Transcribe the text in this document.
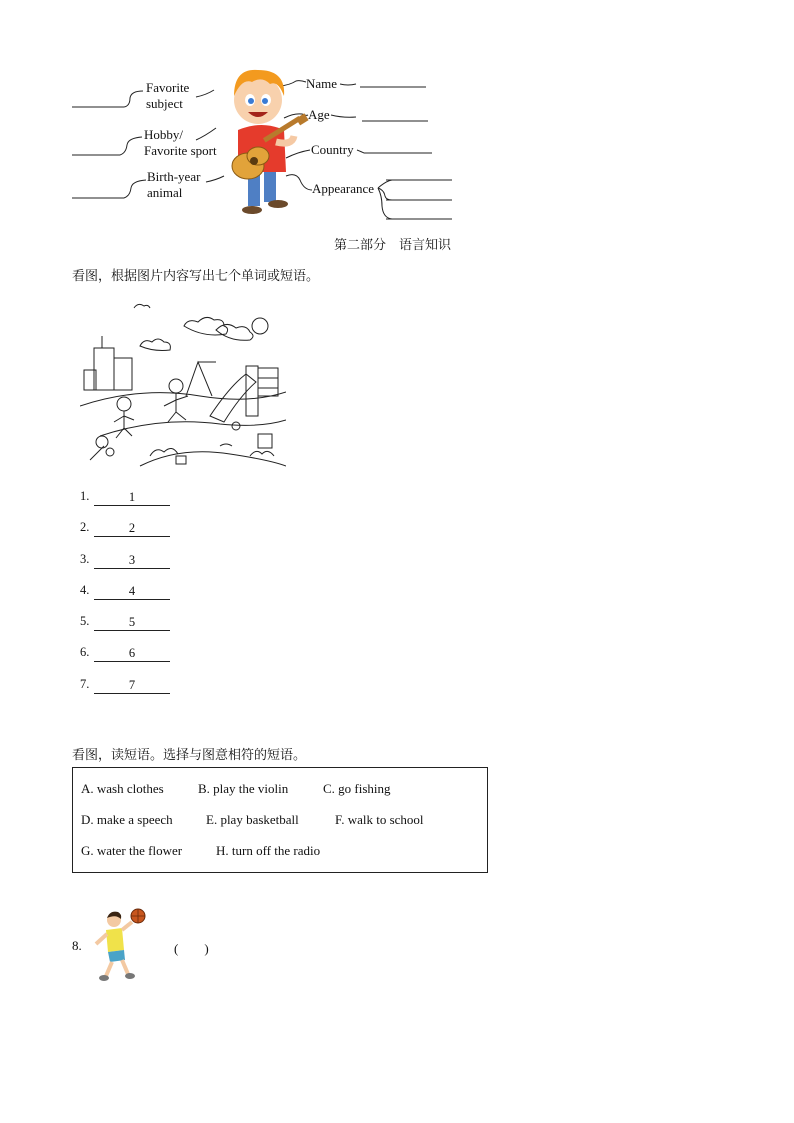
Favorite
subject
Hobby/
Favorite sport
Birth-year
animal
Name
Age
Country
Appearance
第二部分　语言知识
看图，根据图片内容写出七个单词或短语。
1.	1
2.	2
3.	3
4.	4
5.	5
6.	6
7.	7
看图，读短语。选择与图意相符的短语。
A. wash clothes	B. play the violin	C. go fishing
D. make a speech	E. play basketball	F. walk to school
G. water the flower	H. turn off the radio
8.	(　　)
